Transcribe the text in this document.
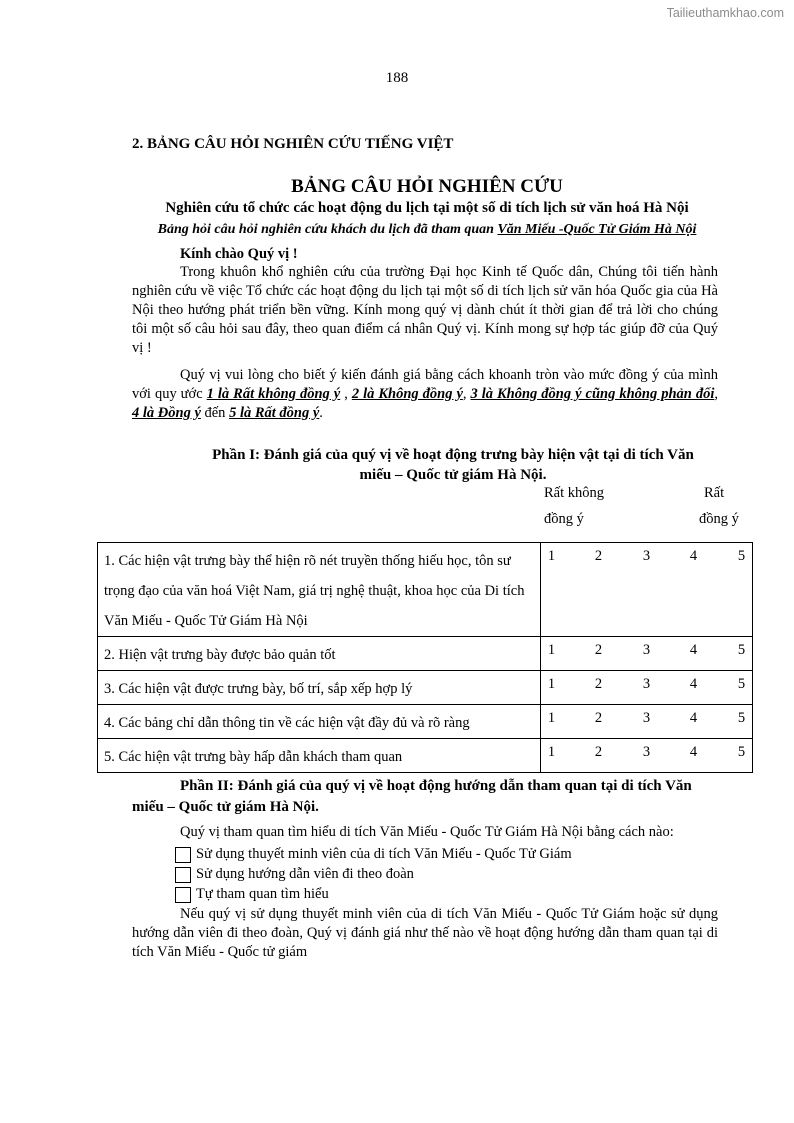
Tailieuthamkhao.com
188
2. BẢNG CÂU HỎI NGHIÊN CỨU TIẾNG VIỆT
BẢNG CÂU HỎI NGHIÊN CỨU
Nghiên cứu tổ chức các hoạt động du lịch tại một số di tích lịch sử văn hoá Hà Nội
Bảng hỏi câu hỏi nghiên cứu khách du lịch đã tham quan Văn Miếu -Quốc Tử Giám Hà Nội
Kính chào Quý vị !
Trong khuôn khổ nghiên cứu của trường Đại học Kinh tế Quốc dân, Chúng tôi tiến hành nghiên cứu về việc Tổ chức các hoạt động du lịch tại một số di tích lịch sử văn hóa Quốc gia của Hà Nội theo hướng phát triển bền vững. Kính mong quý vị dành chút ít thời gian để trả lời cho chúng tôi một số câu hỏi sau đây, theo quan điểm cá nhân Quý vị. Kính mong sự hợp tác giúp đỡ của Quý vị !
Quý vị vui lòng cho biết ý kiến đánh giá bằng cách khoanh tròn vào mức đồng ý của mình với quy ước 1 là Rất không đồng ý , 2 là Không đồng ý, 3 là Không đồng ý cũng không phản đối, 4 là Đồng ý đến 5 là Rất đồng ý.
Phần I: Đánh giá của quý vị về hoạt động trưng bày hiện vật tại di tích Văn
miếu – Quốc tử giám Hà Nội.
Rất không
đồng ý
Rất
đồng ý
1. Các hiện vật trưng bày thể hiện rõ nét truyền thống hiếu học, tôn sư trọng đạo của văn hoá Việt Nam, giá trị nghệ thuật, khoa học của Di tích Văn Miếu - Quốc Tử Giám Hà Nội	1 2 3 4 5

2. Hiện vật trưng bày được bảo quản tốt	1 2 3 4 5

3. Các hiện vật được trưng bày, bố trí, sắp xếp hợp lý	1 2 3 4 5

4. Các bảng chỉ dẫn thông tin về các hiện vật đầy đủ và rõ ràng	1 2 3 4 5

5. Các hiện vật trưng bày hấp dẫn khách tham quan	1 2 3 4 5
Phần II: Đánh giá của quý vị về hoạt động hướng dẫn tham quan tại di tích Văn miếu – Quốc tử giám Hà Nội.
Quý vị tham quan tìm hiểu di tích Văn Miếu - Quốc Tử Giám Hà Nội bằng cách nào:
Sử dụng thuyết minh viên của di tích Văn Miếu - Quốc Tử Giám
Sử dụng hướng dẫn viên đi theo đoàn
Tự tham quan tìm hiểu
Nếu quý vị sử dụng thuyết minh viên của di tích Văn Miếu - Quốc Tử Giám hoặc sử dụng hướng dẫn viên đi theo đoàn, Quý vị đánh giá như thế nào về hoạt động hướng dẫn tham quan tại di tích Văn Miếu - Quốc tử giám
